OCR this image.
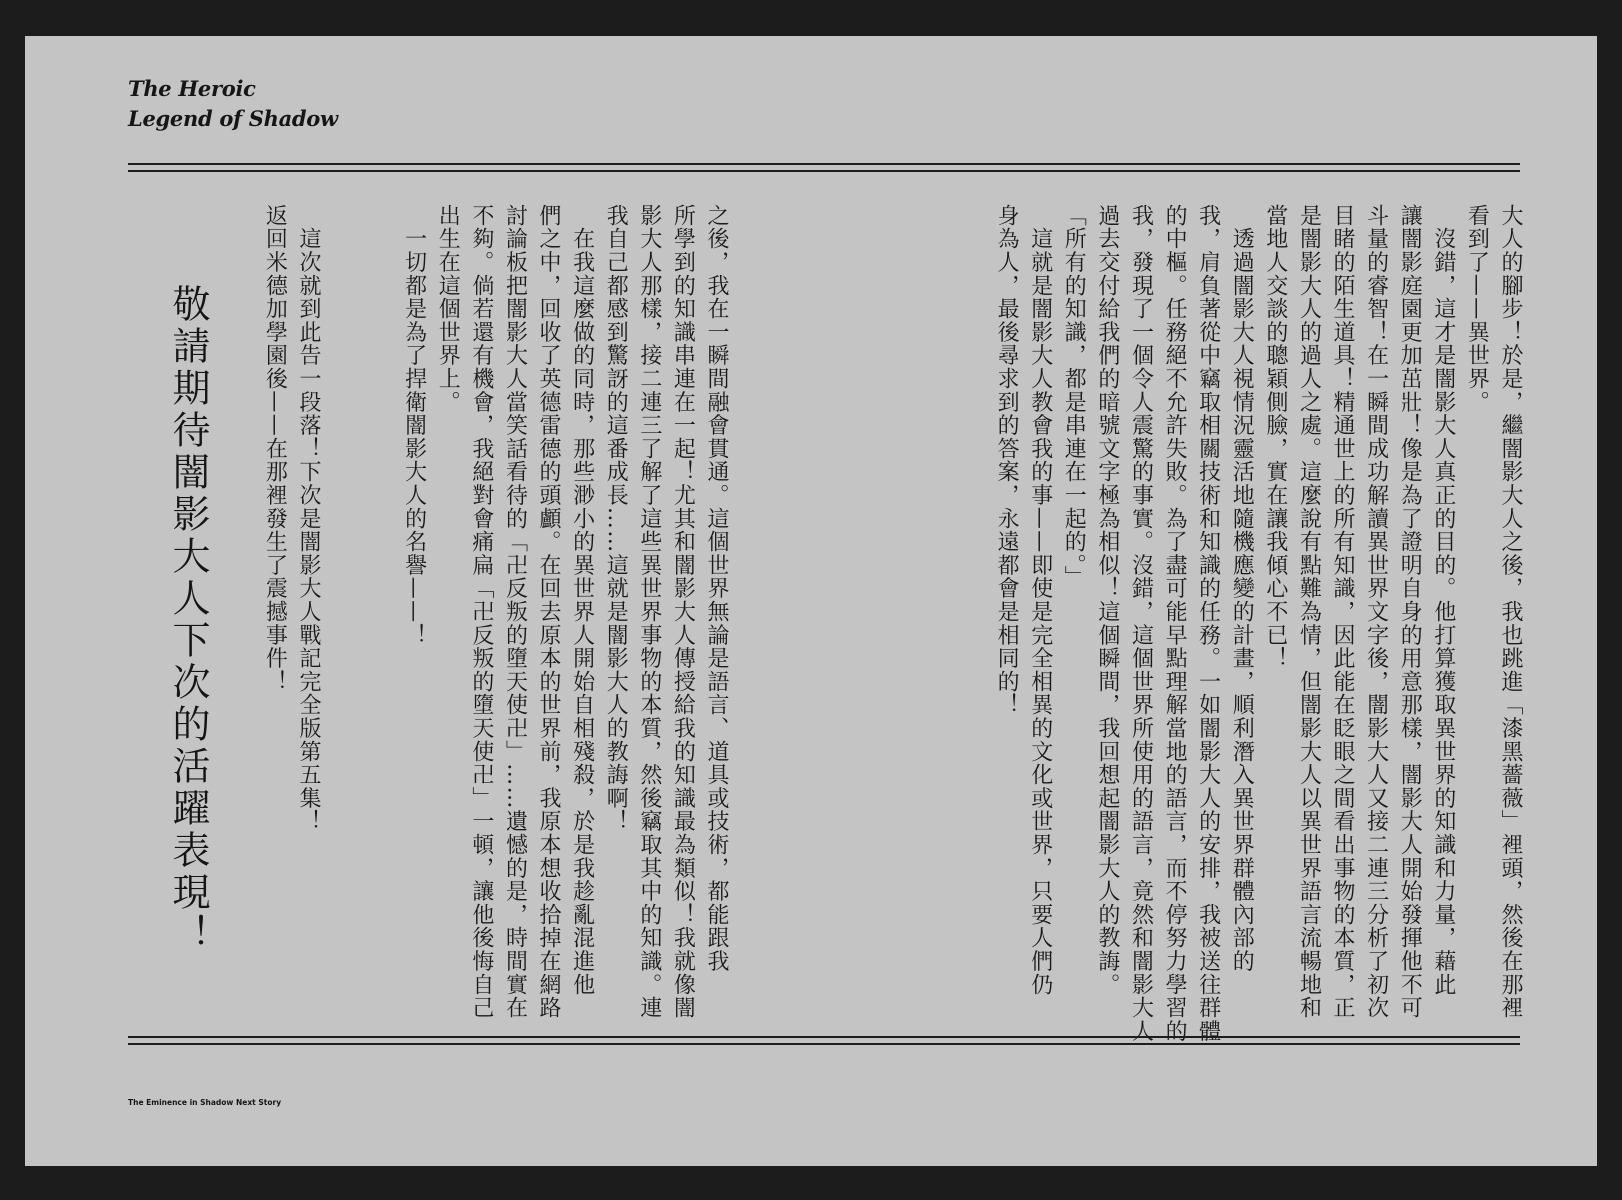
The Heroic
Legend of Shadow
大人的腳步！於是，繼闇影大人之後，我也跳進「漆黑薔薇」裡頭，然後在那裡
看到了——異世界。
　沒錯，這才是闇影大人真正的目的。他打算獲取異世界的知識和力量，藉此
讓闇影庭園更加茁壯！像是為了證明自身的用意那樣，闇影大人開始發揮他不可
斗量的睿智！在一瞬間成功解讀異世界文字後，闇影大人又接二連三分析了初次
目睹的陌生道具！精通世上的所有知識，因此能在眨眼之間看出事物的本質，正
是闇影大人的過人之處。這麼說有點難為情，但闇影大人以異世界語言流暢地和
當地人交談的聰穎側臉，實在讓我傾心不已！
　透過闇影大人視情況靈活地隨機應變的計畫，順利潛入異世界群體內部的
我，肩負著從中竊取相關技術和知識的任務。一如闇影大人的安排，我被送往群體
的中樞。任務絕不允許失敗。為了盡可能早點理解當地的語言，而不停努力學習的
我，發現了一個令人震驚的事實。沒錯，這個世界所使用的語言，竟然和闇影大人
過去交付給我們的暗號文字極為相似！這個瞬間，我回想起闇影大人的教誨。
「所有的知識，都是串連在一起的。」
　這就是闇影大人教會我的事——即使是完全相異的文化或世界，只要人們仍
身為人，最後尋求到的答案，永遠都會是相同的！
之後，我在一瞬間融會貫通。這個世界無論是語言、道具或技術，都能跟我
所學到的知識串連在一起！尤其和闇影大人傳授給我的知識最為類似！我就像闇
影大人那樣，接二連三了解了這些異世界事物的本質，然後竊取其中的知識。連
我自己都感到驚訝的這番成長……這就是闇影大人的教誨啊！
　在我這麼做的同時，那些渺小的異世界人開始自相殘殺，於是我趁亂混進他
們之中，回收了英德雷德的頭顱。在回去原本的世界前，我原本想收拾掉在網路
討論板把闇影大人當笑話看待的「卍反叛的墮天使卍」……遺憾的是，時間實在
不夠。倘若還有機會，我絕對會痛扁「卍反叛的墮天使卍」一頓，讓他後悔自己
出生在這個世界上。
　一切都是為了捍衛闇影大人的名譽——！
　這次就到此告一段落！下次是闇影大人戰記完全版第五集！
返回米德加學園後——在那裡發生了震撼事件！
敬請期待闇影大人下次的活躍表現！
The Eminence in Shadow Next Story
